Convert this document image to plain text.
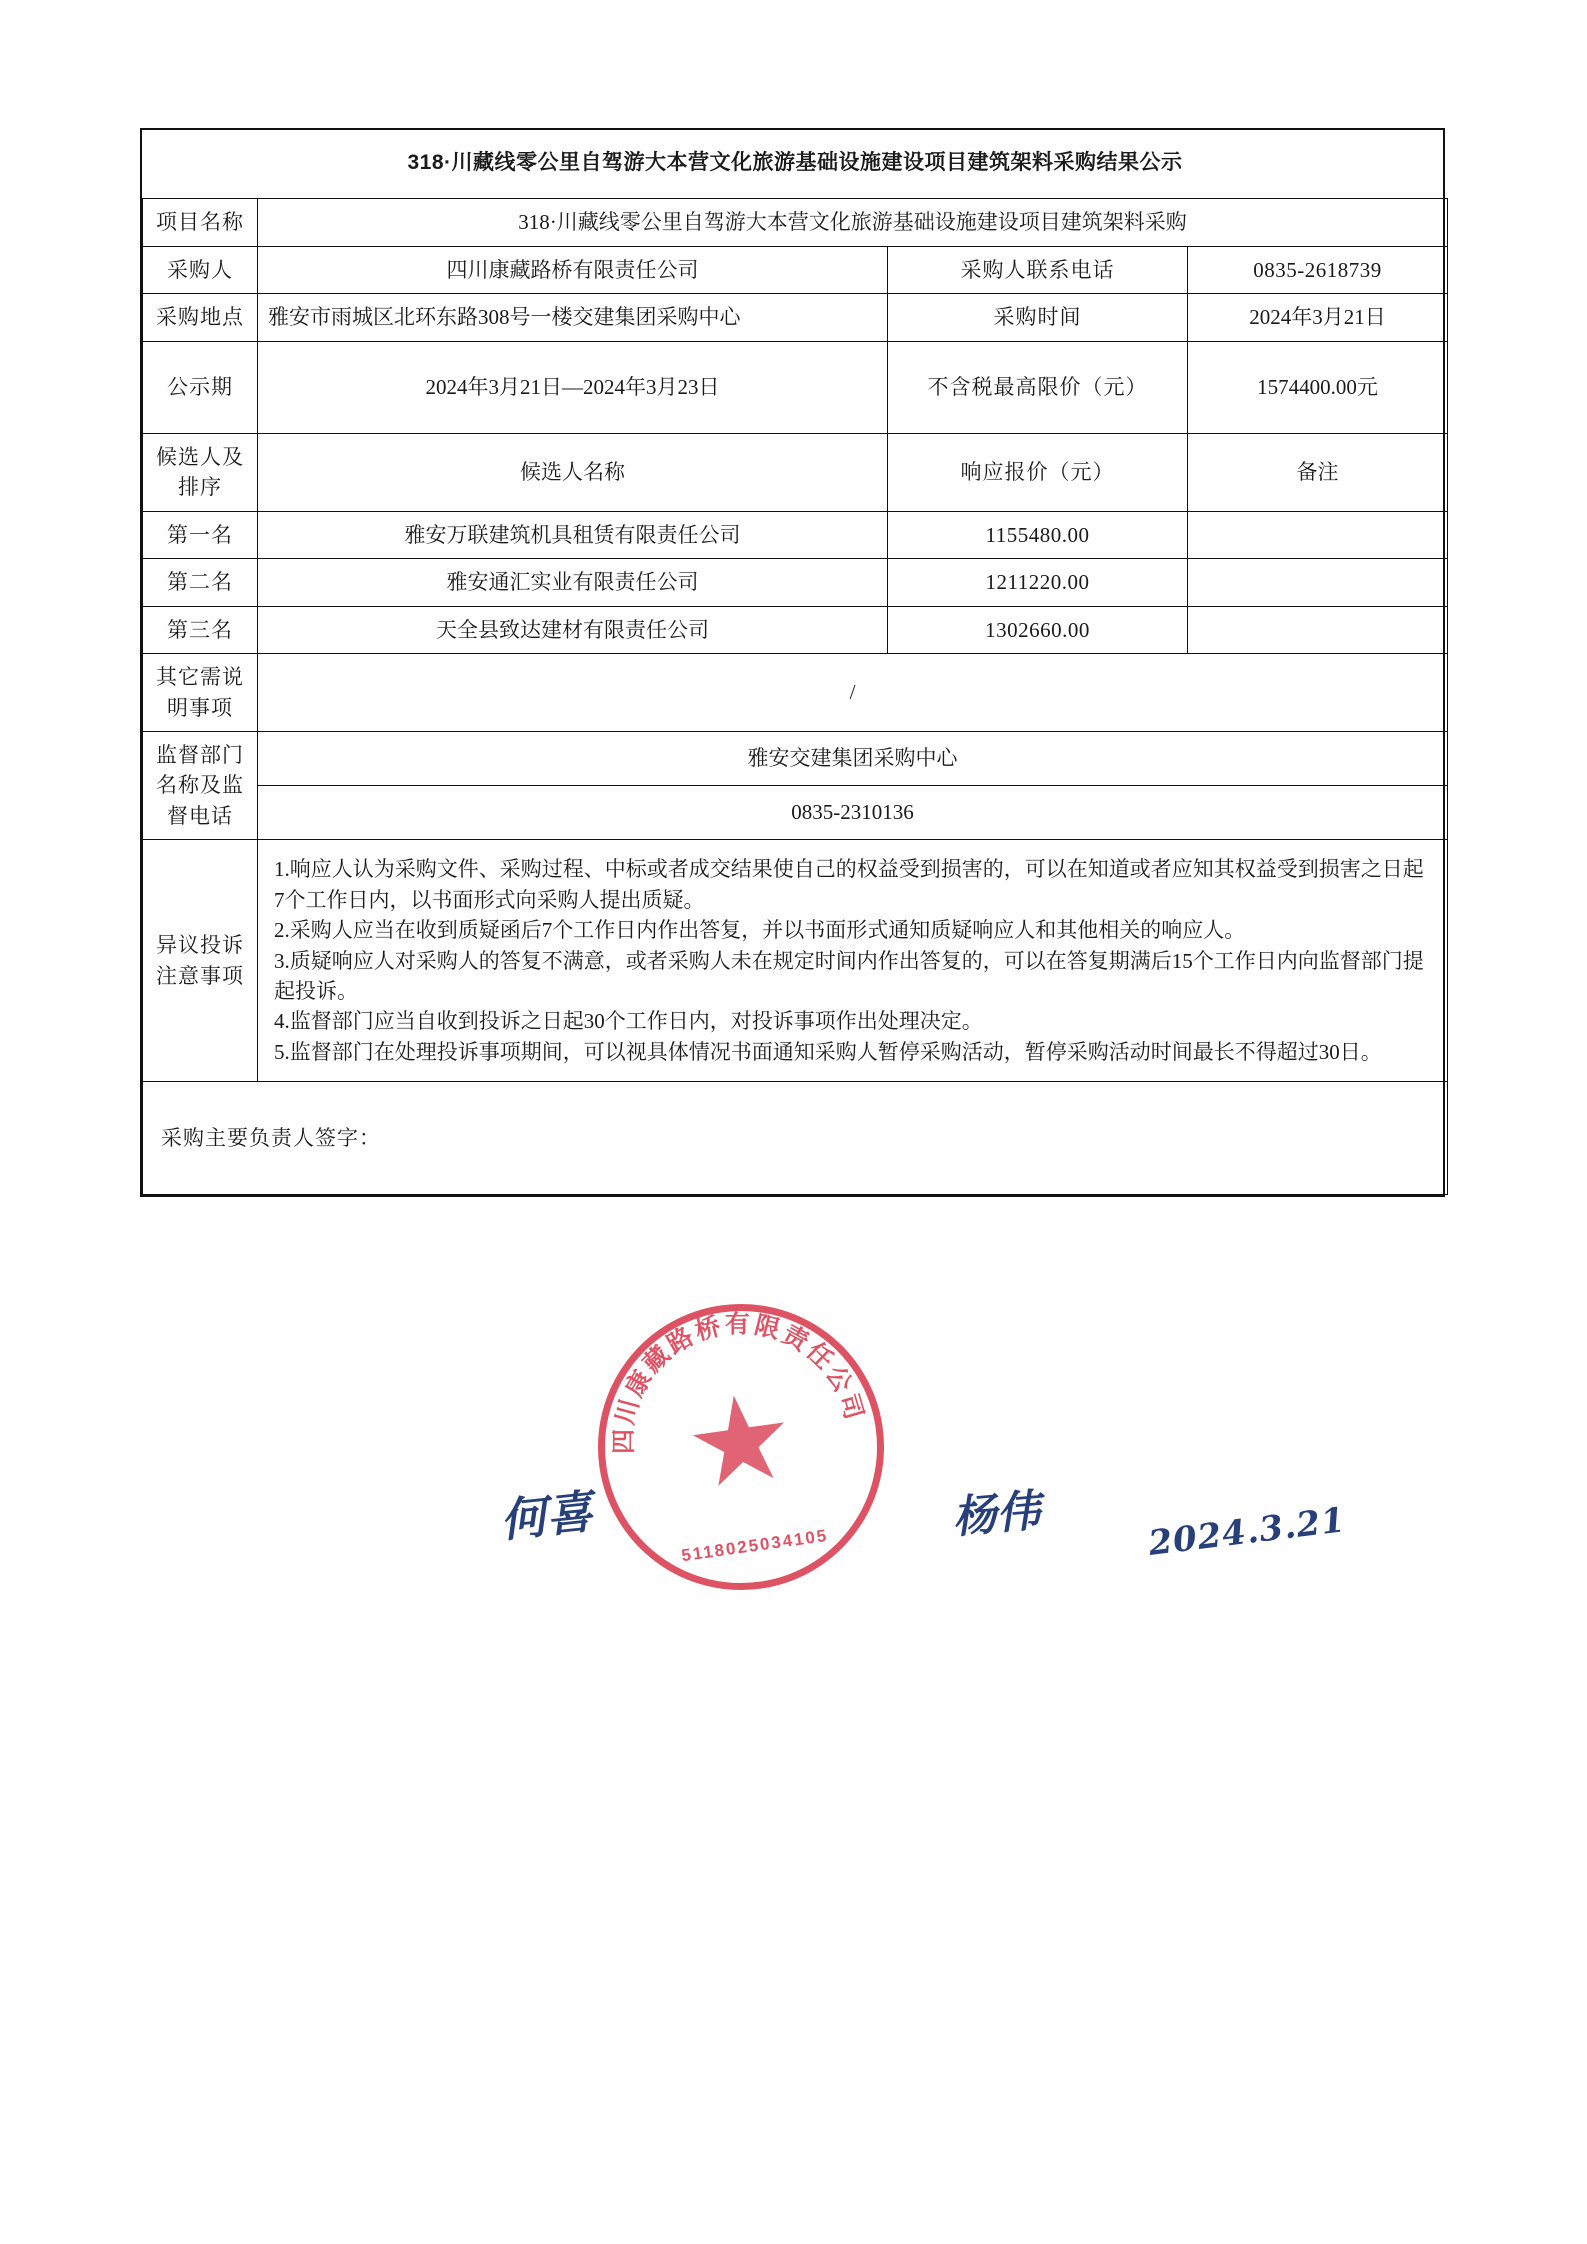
318·川藏线零公里自驾游大本营文化旅游基础设施建设项目建筑架料采购结果公示			
项目名称	318·川藏线零公里自驾游大本营文化旅游基础设施建设项目建筑架料采购		
采购人	四川康藏路桥有限责任公司	采购人联系电话	0835-2618739
采购地点	雅安市雨城区北环东路308号一楼交建集团采购中心	采购时间	2024年3月21日
公示期	2024年3月21日—2024年3月23日	不含税最高限价（元）	1574400.00元
候选人及排序	候选人名称	响应报价（元）	备注
第一名	雅安万联建筑机具租赁有限责任公司	1155480.00	
第二名	雅安通汇实业有限责任公司	1211220.00	
第三名	天全县致达建材有限责任公司	1302660.00	
其它需说明事项	/		
监督部门名称及监督电话	雅安交建集团采购中心		
	0835-2310136		
异议投诉注意事项	1.响应人认为采购文件、采购过程、中标或者成交结果使自己的权益受到损害的，可以在知道或者应知其权益受到损害之日起7个工作日内，以书面形式向采购人提出质疑。

2.采购人应当在收到质疑函后7个工作日内作出答复，并以书面形式通知质疑响应人和其他相关的响应人。

3.质疑响应人对采购人的答复不满意，或者采购人未在规定时间内作出答复的，可以在答复期满后15个工作日内向监督部门提起投诉。

4.监督部门应当自收到投诉之日起30个工作日内，对投诉事项作出处理决定。

5.监督部门在处理投诉事项期间，可以视具体情况书面通知采购人暂停采购活动，暂停采购活动时间最长不得超过30日。		

采购主要负责人签字：			
何喜	杨伟	2024.3.21
四川康藏路桥有限责任公司
5118025034105
